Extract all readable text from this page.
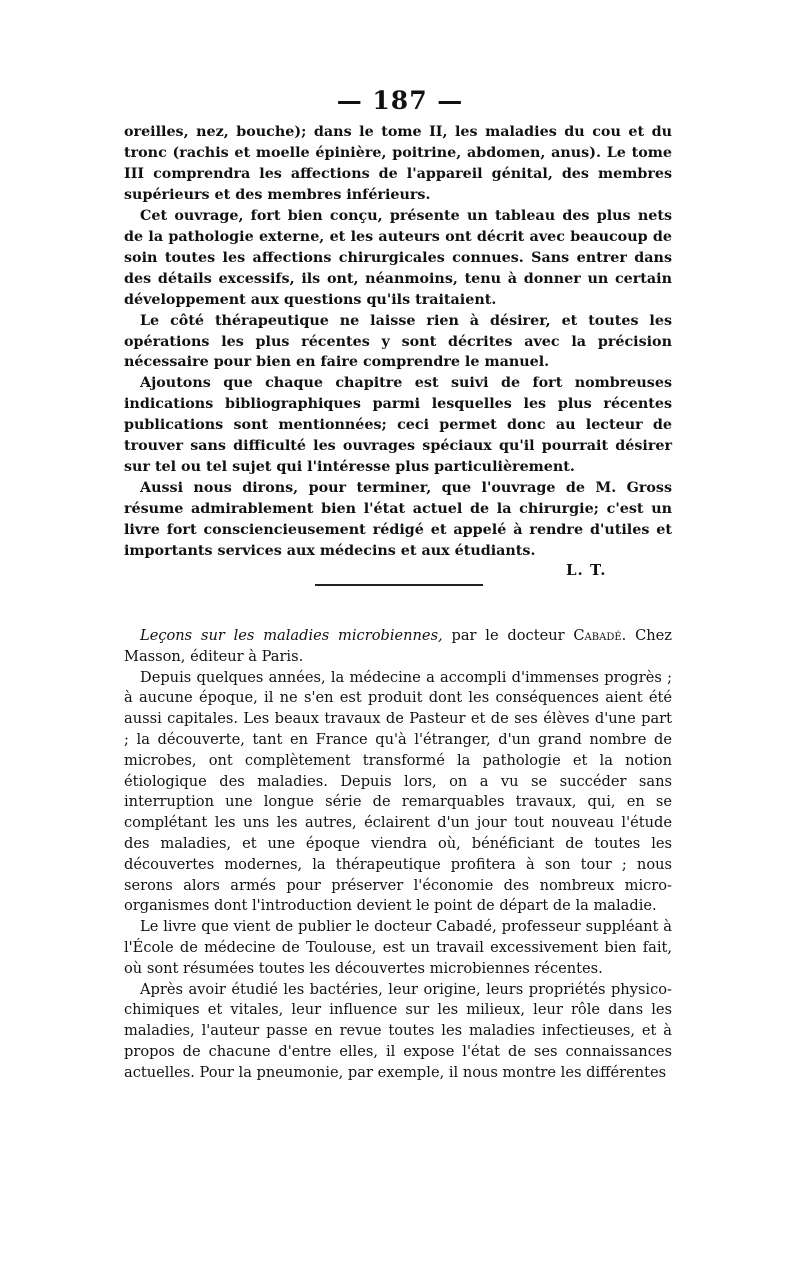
— 187 —

oreilles, nez, bouche); dans le tome II, les maladies du cou et du tronc (rachis et moelle épinière, poitrine, abdomen, anus). Le tome III comprendra les affections de l'appareil génital, des membres supérieurs et des membres inférieurs.

Cet ouvrage, fort bien conçu, présente un tableau des plus nets de la pathologie externe, et les auteurs ont décrit avec beaucoup de soin toutes les affections chirurgicales connues. Sans entrer dans des détails excessifs, ils ont, néanmoins, tenu à donner un certain développement aux questions qu'ils traitaient.

Le côté thérapeutique ne laisse rien à désirer, et toutes les opérations les plus récentes y sont décrites avec la précision nécessaire pour bien en faire comprendre le manuel.

Ajoutons que chaque chapitre est suivi de fort nombreuses indications bibliographiques parmi lesquelles les plus récentes publications sont mentionnées; ceci permet donc au lecteur de trouver sans difficulté les ouvrages spéciaux qu'il pourrait désirer sur tel ou tel sujet qui l'intéresse plus particulièrement.

Aussi nous dirons, pour terminer, que l'ouvrage de M. Gross résume admirablement bien l'état actuel de la chirurgie; c'est un livre fort consciencieusement rédigé et appelé à rendre d'utiles et importants services aux médecins et aux étudiants.

L. T.

Leçons sur les maladies microbiennes, par le docteur Cabadé. Chez Masson, éditeur à Paris.

Depuis quelques années, la médecine a accompli d'immenses progrès ; à aucune époque, il ne s'en est produit dont les conséquences aient été aussi capitales. Les beaux travaux de Pasteur et de ses élèves d'une part ; la découverte, tant en France qu'à l'étranger, d'un grand nombre de microbes, ont complètement transformé la pathologie et la notion étiologique des maladies. Depuis lors, on a vu se succéder sans interruption une longue série de remarquables travaux, qui, en se complétant les uns les autres, éclairent d'un jour tout nouveau l'étude des maladies, et une époque viendra où, bénéficiant de toutes les découvertes modernes, la thérapeutique profitera à son tour ; nous serons alors armés pour préserver l'économie des nombreux micro-organismes dont l'introduction devient le point de départ de la maladie.

Le livre que vient de publier le docteur Cabadé, professeur suppléant à l'École de médecine de Toulouse, est un travail excessivement bien fait, où sont résumées toutes les découvertes microbiennes récentes.

Après avoir étudié les bactéries, leur origine, leurs propriétés physico-chimiques et vitales, leur influence sur les milieux, leur rôle dans les maladies, l'auteur passe en revue toutes les maladies infectieuses, et à propos de chacune d'entre elles, il expose l'état de ses connaissances actuelles. Pour la pneumonie, par exemple, il nous montre les différentes
